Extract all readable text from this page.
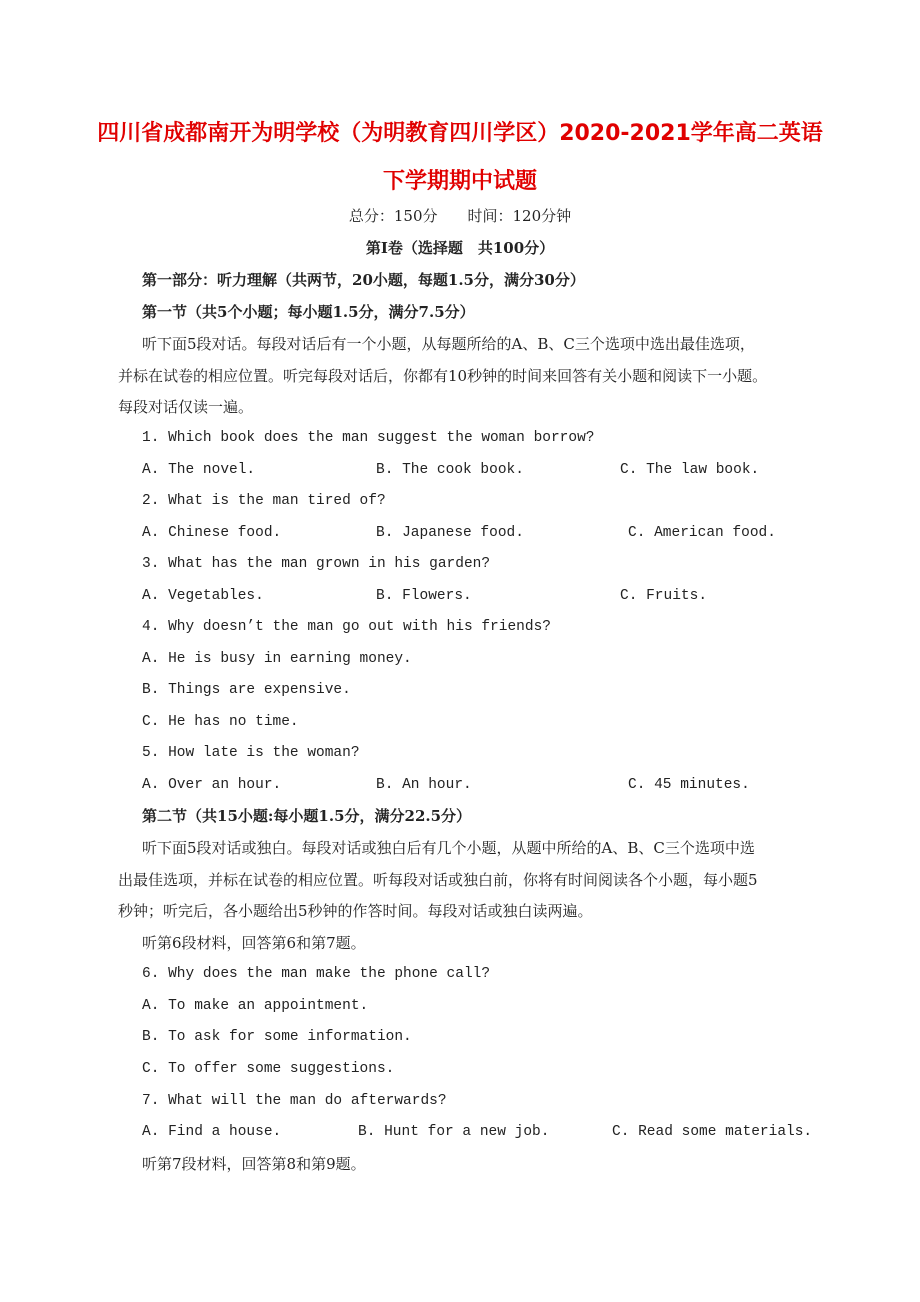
四川省成都南开为明学校（为明教育四川学区）2020-2021学年高二英语
下学期期中试题
总分：150分　　时间：120分钟
第Ⅰ卷（选择题　共100分）
第一部分：听力理解（共两节，20小题，每题1.5分，满分30分）
第一节（共5个小题；每小题1.5分，满分7.5分）
听下面5段对话。每段对话后有一个小题，从每题所给的A、B、C三个选项中选出最佳选项，
并标在试卷的相应位置。听完每段对话后，你都有10秒钟的时间来回答有关小题和阅读下一小题。
每段对话仅读一遍。
1. Which book does the man suggest the woman borrow?
A. The novel.	B. The cook book.	C. The law book.
2. What is the man tired of?
A. Chinese food.	B. Japanese food.	C. American food.
3. What has the man grown in his garden?
A. Vegetables.	B. Flowers.	C. Fruits.
4. Why doesn’t the man go out with his friends?
A. He is busy in earning money.
B. Things are expensive.
C. He has no time.
5. How late is the woman?
A. Over an hour.	B. An hour.	C. 45 minutes.
第二节（共15小题:每小题1.5分，满分22.5分）
听下面5段对话或独白。每段对话或独白后有几个小题，从题中所给的A、B、C三个选项中选
出最佳选项，并标在试卷的相应位置。听每段对话或独白前，你将有时间阅读各个小题，每小题5
秒钟；听完后，各小题给出5秒钟的作答时间。每段对话或独白读两遍。
听第6段材料，回答第6和第7题。
6. Why does the man make the phone call?
A. To make an appointment.
B. To ask for some information.
C. To offer some suggestions.
7. What will the man do afterwards?
A. Find a house.	B. Hunt for a new job.	C. Read some materials.
听第7段材料，回答第8和第9题。
